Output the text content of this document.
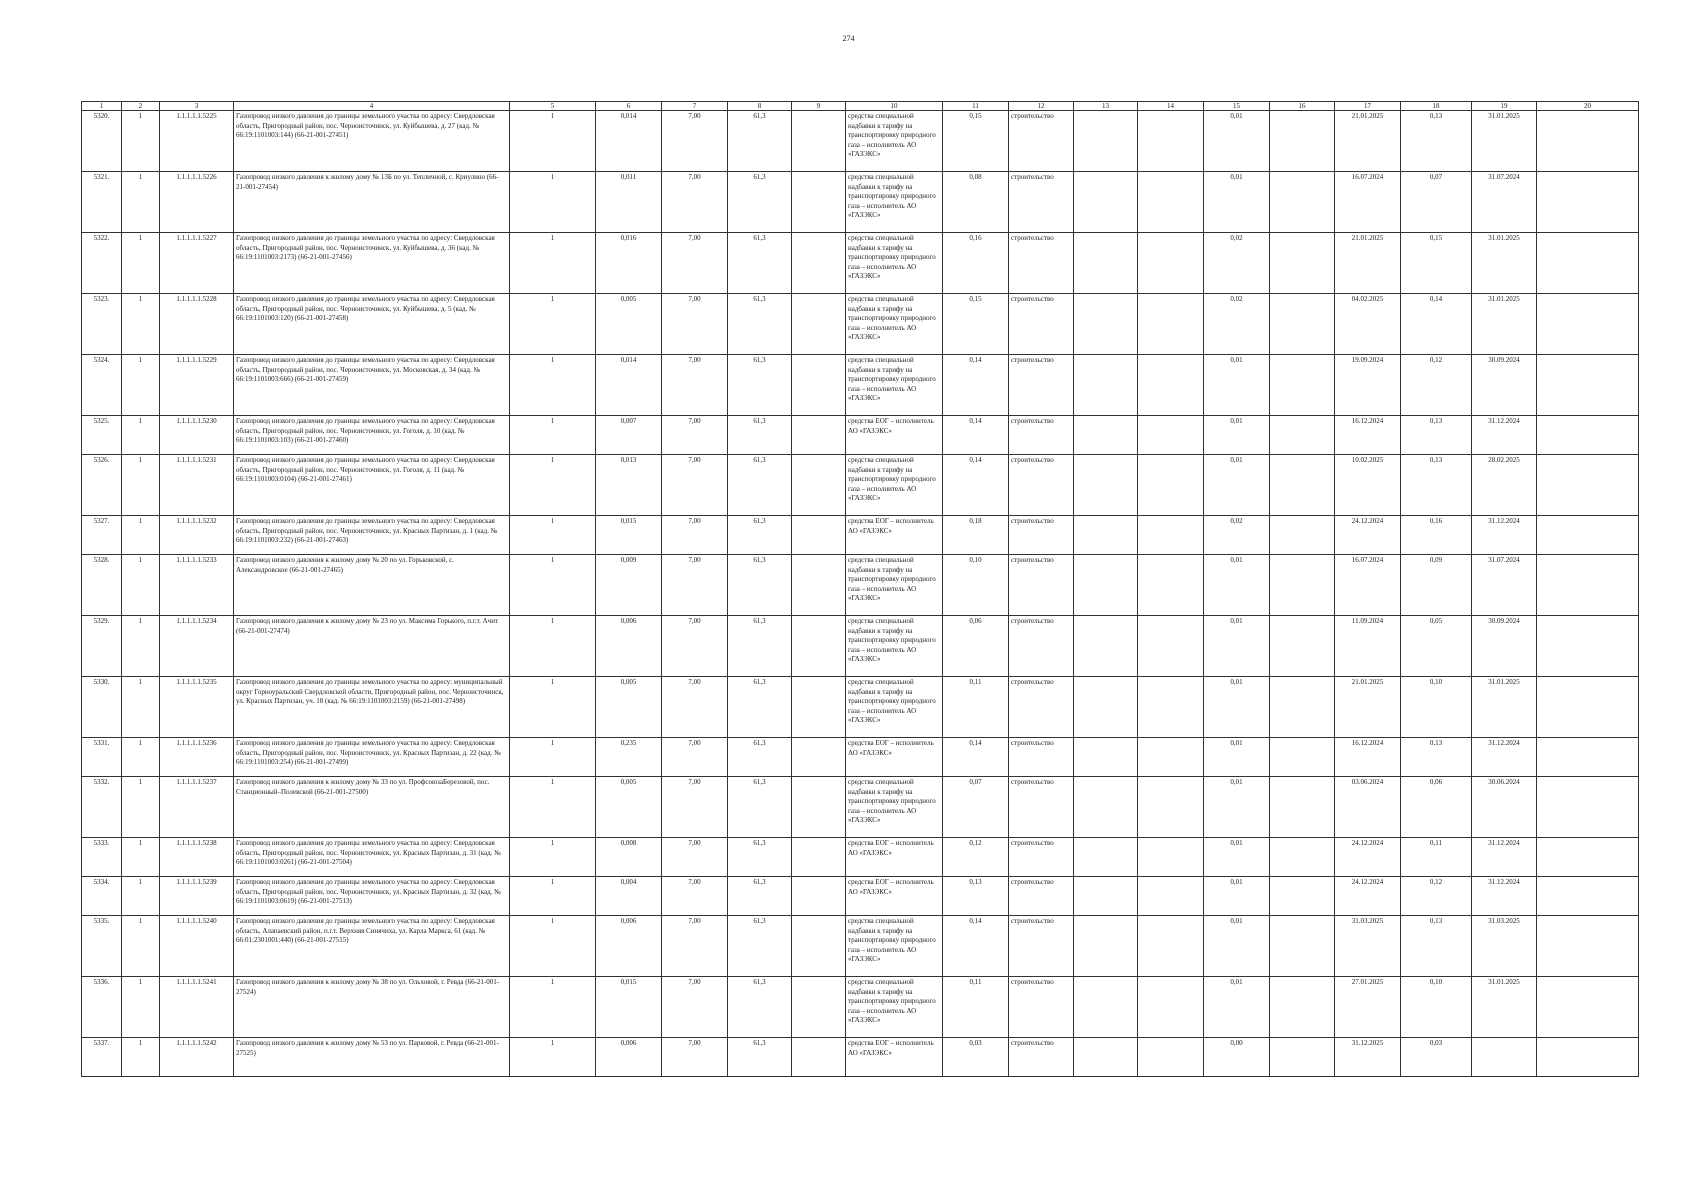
274
1	2	3	4	5	6	7	8	9	10	11	12	13	14	15	16	17	18	19	20
5320.	1	1.1.1.1.1.5225	Газопровод низкого давления до границы земельного участка по адресу: Свердловская область, Пригородный район, пос. Черноисточинск, ул. Куйбышева, д. 27 (кад. № 66:19:1101003:144) (66-21-001-27451)	1	0,014	7,00	61,3		средства специальной надбавки к тарифу на транспортировку природного газа – исполнитель АО «ГАЗЭКС»	0,15	строительство			0,01		21.01.2025	0,13	31.01.2025	
5321.	1	1.1.1.1.1.5226	Газопровод низкого давления к жилому дому № 13Б по ул. Тепличной, с. Криулино (66-21-001-27454)	1	0,011	7,00	61,3		средства специальной надбавки к тарифу на транспортировку природного газа – исполнитель АО «ГАЗЭКС»	0,08	строительство			0,01		16.07.2024	0,07	31.07.2024	
5322.	1	1.1.1.1.1.5227	Газопровод низкого давления до границы земельного участка по адресу: Свердловская область, Пригородный район, пос. Черноисточинск, ул. Куйбышева, д. 36 (кад. № 66:19:1101003:2173) (66-21-001-27456)	1	0,016	7,00	61,3		средства специальной надбавки к тарифу на транспортировку природного газа – исполнитель АО «ГАЗЭКС»	0,16	строительство			0,02		21.01.2025	0,15	31.01.2025	
5323.	1	1.1.1.1.1.5228	Газопровод низкого давления до границы земельного участка по адресу: Свердловская область, Пригородный район, пос. Черноисточинск, ул. Куйбышева, д. 5 (кад. № 66:19:1101003:120) (66-21-001-27458)	1	0,005	7,00	61,3		средства специальной надбавки к тарифу на транспортировку природного газа – исполнитель АО «ГАЗЭКС»	0,15	строительство			0,02		04.02.2025	0,14	31.01.2025	
5324.	1	1.1.1.1.1.5229	Газопровод низкого давления до границы земельного участка по адресу: Свердловская область, Пригородный район, пос. Черноисточинск, ул. Московская, д. 34 (кад. № 66:19:1101003:666) (66-21-001-27459)	1	0,014	7,00	61,3		средства специальной надбавки к тарифу на транспортировку природного газа – исполнитель АО «ГАЗЭКС»	0,14	строительство			0,01		19.09.2024	0,12	30.09.2024	
5325.	1	1.1.1.1.1.5230	Газопровод низкого давления до границы земельного участка по адресу: Свердловская область, Пригородный район, пос. Черноисточинск, ул. Гоголя, д. 10 (кад. № 66:19:1101003:103) (66-21-001-27460)	1	0,007	7,00	61,3		средства ЕОГ – исполнитель АО «ГАЗЭКС»	0,14	строительство			0,01		16.12.2024	0,13	31.12.2024	
5326.	1	1.1.1.1.1.5231	Газопровод низкого давления до границы земельного участка по адресу: Свердловская область, Пригородный район, пос. Черноисточинск, ул. Гоголя, д. 11 (кад. № 66:19:1101003:0104) (66-21-001-27461)	1	0,013	7,00	61,3		средства специальной надбавки к тарифу на транспортировку природного газа – исполнитель АО «ГАЗЭКС»	0,14	строительство			0,01		10.02.2025	0,13	28.02.2025	
5327.	1	1.1.1.1.1.5232	Газопровод низкого давления до границы земельного участка по адресу: Свердловская область, Пригородный район, пос. Черноисточинск, ул. Красных Партизан, д. 1 (кад. № 66:19:1101003:232) (66-21-001-27463)	1	0,015	7,00	61,3		средства ЕОГ – исполнитель АО «ГАЗЭКС»	0,18	строительство			0,02		24.12.2024	0,16	31.12.2024	
5328.	1	1.1.1.1.1.5233	Газопровод низкого давления к жилому дому № 20 по ул. Горьковской, с. Александровское (66-21-001-27465)	1	0,009	7,00	61,3		средства специальной надбавки к тарифу на транспортировку природного газа – исполнитель АО «ГАЗЭКС»	0,10	строительство			0,01		16.07.2024	0,09	31.07.2024	
5329.	1	1.1.1.1.1.5234	Газопровод низкого давления к жилому дому № 23 по ул. Максима Горького, п.г.т. Ачит (66-21-001-27474)	1	0,006	7,00	61,3		средства специальной надбавки к тарифу на транспортировку природного газа – исполнитель АО «ГАЗЭКС»	0,06	строительство			0,01		11.09.2024	0,05	30.09.2024	
5330.	1	1.1.1.1.1.5235	Газопровод низкого давления до границы земельного участка по адресу: муниципальный округ Горноуральский Свердловской области, Пригородный район, пос. Черноисточинск, ул. Красных Партизан, уч. 18 (кад. № 66:19:1101003:2159) (66-21-001-27498)	1	0,005	7,00	61,3		средства специальной надбавки к тарифу на транспортировку природного газа – исполнитель АО «ГАЗЭКС»	0,11	строительство			0,01		21.01.2025	0,10	31.01.2025	
5331.	1	1.1.1.1.1.5236	Газопровод низкого давления до границы земельного участка по адресу: Свердловская область, Пригородный район, пос. Черноисточинск, ул. Красных Партизан, д. 22 (кад. № 66:19:1101003:254) (66-21-001-27499)	1	0,235	7,00	61,3		средства ЕОГ – исполнитель АО «ГАЗЭКС»	0,14	строительство			0,01		16.12.2024	0,13	31.12.2024	
5332.	1	1.1.1.1.1.5237	Газопровод низкого давления к жилому дому № 33 по ул. ПрофсоюзаБерезовой, пос. Станционный–Полевской (66-21-001-27500)	1	0,005	7,00	61,3		средства специальной надбавки к тарифу на транспортировку природного газа – исполнитель АО «ГАЗЭКС»	0,07	строительство			0,01		03.06.2024	0,06	30.06.2024	
5333.	1	1.1.1.1.1.5238	Газопровод низкого давления до границы земельного участка по адресу: Свердловская область, Пригородный район, пос. Черноисточинск, ул. Красных Партизан, д. 31 (кад. № 66:19:1101003:0261) (66-21-001-27504)	1	0,008	7,00	61,3		средства ЕОГ – исполнитель АО «ГАЗЭКС»	0,12	строительство			0,01		24.12.2024	0,11	31.12.2024	
5334.	1	1.1.1.1.1.5239	Газопровод низкого давления до границы земельного участка по адресу: Свердловская область, Пригородный район, пос. Черноисточинск, ул. Красных Партизан, д. 32 (кад. № 66:19:1101003:0619) (66-21-001-27513)	1	0,004	7,00	61,3		средства ЕОГ – исполнитель АО «ГАЗЭКС»	0,13	строительство			0,01		24.12.2024	0,12	31.12.2024	
5335.	1	1.1.1.1.1.5240	Газопровод низкого давления до границы земельного участка по адресу: Свердловская область, Алапаевский район, п.г.т. Верхняя Синячиха, ул. Карла Маркса, 61 (кад. № 66:01:2301001:440) (66-21-001-27515)	1	0,006	7,00	61,3		средства специальной надбавки к тарифу на транспортировку природного газа – исполнитель АО «ГАЗЭКС»	0,14	строительство			0,01		31.03.2025	0,13	31.03.2025	
5336.	1	1.1.1.1.1.5241	Газопровод низкого давления к жилому дому № 38 по ул. Ольховой, г. Ревда (66-21-001-27524)	1	0,015	7,00	61,3		средства специальной надбавки к тарифу на транспортировку природного газа – исполнитель АО «ГАЗЭКС»	0,11	строительство			0,01		27.01.2025	0,10	31.01.2025	
5337.	1	1.1.1.1.1.5242	Газопровод низкого давления к жилому дому № 53 по ул. Парковой, г. Ревда (66-21-001-27525)	1	0,006	7,00	61,3		средства ЕОГ – исполнитель АО «ГАЗЭКС»	0,03	строительство			0,00		31.12.2025	0,03		
